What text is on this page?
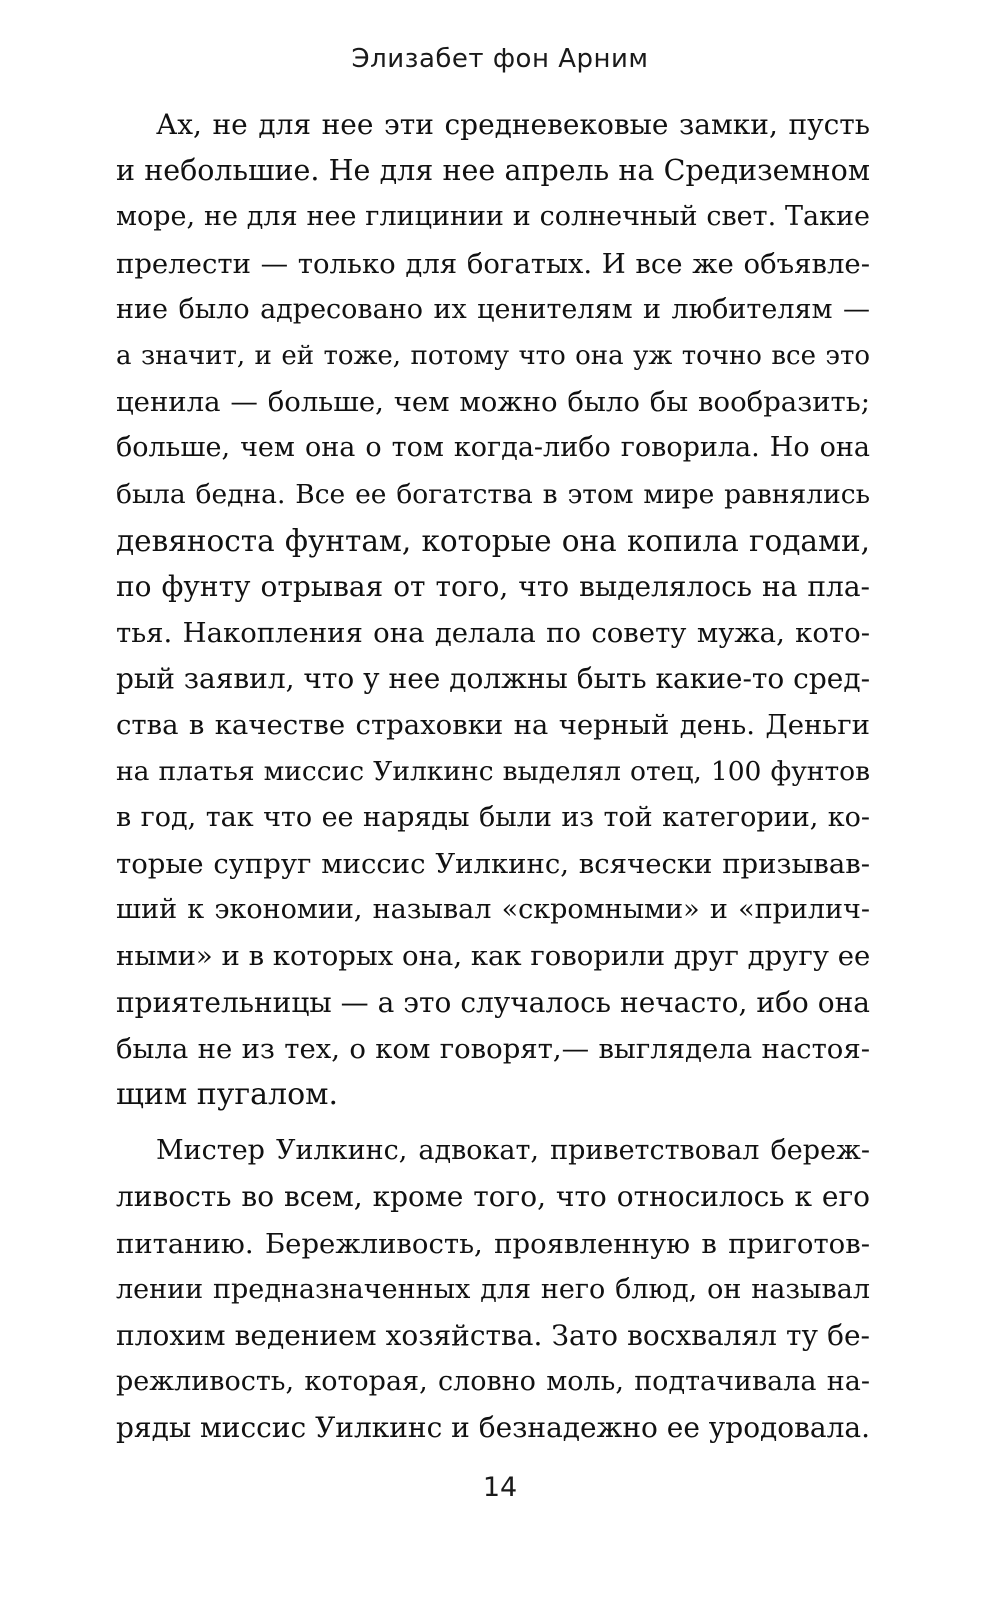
Элизабет фон Арним
Ах, не для нее эти средневековые замки, пусть
и небольшие. Не для нее апрель на Средиземном
море, не для нее глицинии и солнечный свет. Такие
прелести — только для богатых. И все же объявле-
ние было адресовано их ценителям и любителям —
а значит, и ей тоже, потому что она уж точно все это
ценила — больше, чем можно было бы вообразить;
больше, чем она о том когда-либо говорила. Но она
была бедна. Все ее богатства в этом мире равнялись
девяноста фунтам, которые она копила годами,
по фунту отрывая от того, что выделялось на пла-
тья. Накопления она делала по совету мужа, кото-
рый заявил, что у нее должны быть какие-то сред-
ства в качестве страховки на черный день. Деньги
на платья миссис Уилкинс выделял отец, 100 фунтов
в год, так что ее наряды были из той категории, ко-
торые супруг миссис Уилкинс, всячески призывав-
ший к экономии, называл «скромными» и «прилич-
ными» и в которых она, как говорили друг другу ее
приятельницы — а это случалось нечасто, ибо она
была не из тех, о ком говорят,— выглядела настоя-
щим пугалом.
Мистер Уилкинс, адвокат, приветствовал береж-
ливость во всем, кроме того, что относилось к его
питанию. Бережливость, проявленную в приготов-
лении предназначенных для него блюд, он называл
плохим ведением хозяйства. Зато восхвалял ту бе-
режливость, которая, словно моль, подтачивала на-
ряды миссис Уилкинс и безнадежно ее уродовала.
14
